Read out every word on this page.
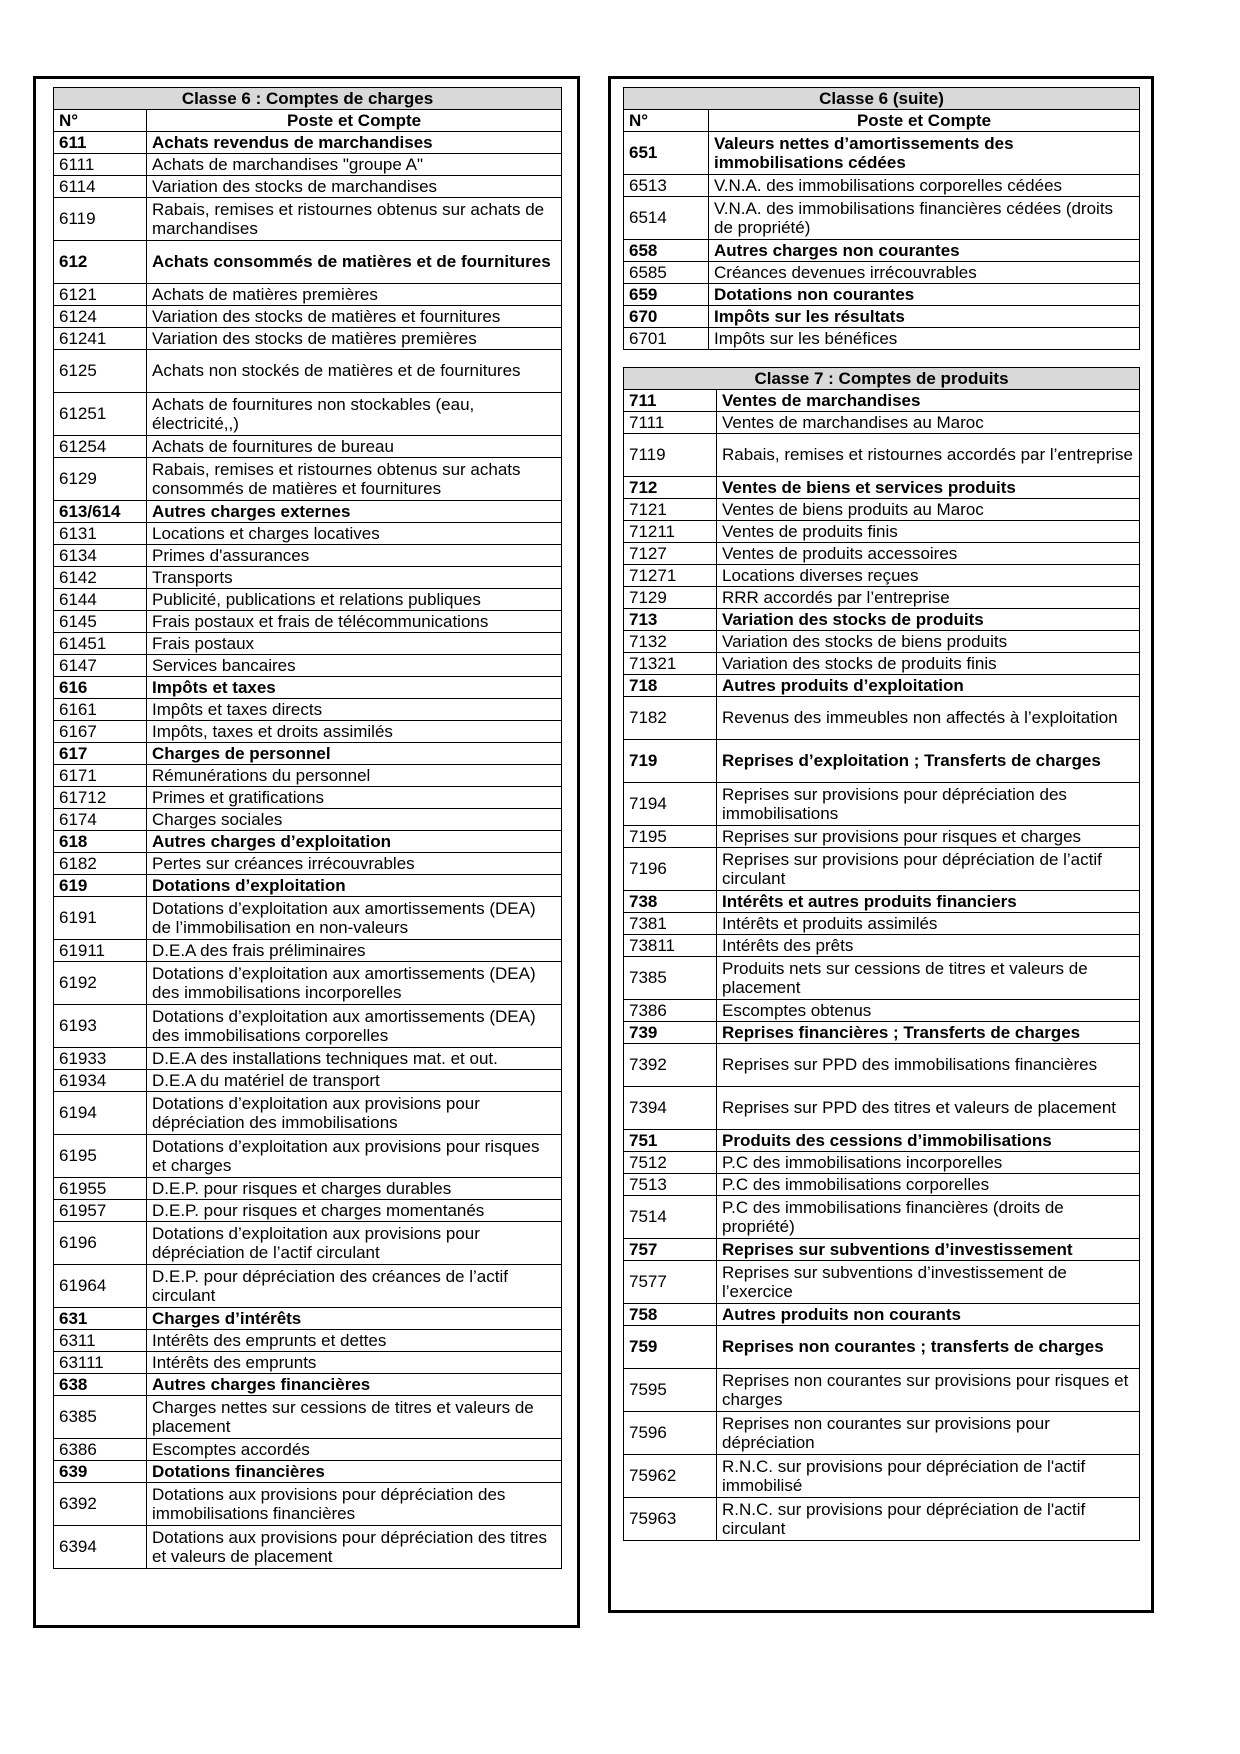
Classe 6 : Comptes de charges	
N°	Poste et Compte
611	Achats revendus de marchandises
6111	Achats de marchandises "groupe A"
6114	Variation des stocks de marchandises
6119	Rabais, remises et ristournes obtenus sur achats de marchandises
612	Achats consommés de matières et de fournitures
6121	Achats de matières premières
6124	Variation des stocks de matières et fournitures
61241	Variation des stocks de matières premières
6125	Achats non stockés de matières et de fournitures
61251	Achats de fournitures non stockables (eau, électricité,,)
61254	Achats de fournitures de bureau
6129	Rabais, remises et ristournes obtenus sur achats consommés de matières et fournitures
613/614	Autres charges externes
6131	Locations et charges locatives
6134	Primes d'assurances
6142	Transports
6144	Publicité, publications et relations publiques
6145	Frais postaux et frais de télécommunications
61451	Frais postaux
6147	Services bancaires
616	Impôts et taxes
6161	Impôts et taxes directs
6167	Impôts, taxes et droits assimilés
617	Charges de personnel
6171	Rémunérations du personnel
61712	Primes et gratifications
6174	Charges sociales
618	Autres charges d’exploitation
6182	Pertes sur créances irrécouvrables
619	Dotations d’exploitation
6191	Dotations d’exploitation aux amortissements (DEA) de l’immobilisation en non-valeurs
61911	D.E.A des frais préliminaires
6192	Dotations d’exploitation aux amortissements (DEA) des immobilisations incorporelles
6193	Dotations d’exploitation aux amortissements (DEA) des immobilisations corporelles
61933	D.E.A des installations techniques mat. et out.
61934	D.E.A du matériel de transport
6194	Dotations d’exploitation aux provisions pour dépréciation des immobilisations
6195	Dotations d’exploitation aux provisions pour risques et charges
61955	D.E.P. pour risques et charges durables
61957	D.E.P. pour risques et charges momentanés
6196	Dotations d’exploitation aux provisions pour dépréciation de l’actif circulant
61964	D.E.P. pour dépréciation des créances de l’actif circulant
631	Charges d’intérêts
6311	Intérêts des emprunts et dettes
63111	Intérêts des emprunts
638	Autres charges financières
6385	Charges nettes sur cessions de titres et valeurs de placement
6386	Escomptes accordés
639	Dotations financières
6392	Dotations aux provisions pour dépréciation des immobilisations financières
6394	Dotations aux provisions pour dépréciation des titres et valeurs de placement
Classe 6 (suite)	
N°	Poste et Compte
651	Valeurs nettes d’amortissements des immobilisations cédées
6513	V.N.A. des immobilisations corporelles cédées
6514	V.N.A. des immobilisations financières cédées (droits de propriété)
658	Autres charges non courantes
6585	Créances devenues irrécouvrables
659	Dotations non courantes
670	Impôts sur les résultats
6701	Impôts sur les bénéfices
Classe 7 : Comptes de produits	
711	Ventes de marchandises
7111	Ventes de marchandises au Maroc
7119	Rabais, remises et ristournes accordés par l’entreprise
712	Ventes de biens et services produits
7121	Ventes de biens produits au Maroc
71211	Ventes de produits finis
7127	Ventes de produits accessoires
71271	Locations diverses reçues
7129	RRR accordés par l’entreprise
713	Variation des stocks de produits
7132	Variation des stocks de biens produits
71321	Variation des stocks de produits finis
718	Autres produits d’exploitation
7182	Revenus des immeubles non affectés à l’exploitation
719	Reprises d’exploitation ; Transferts de charges
7194	Reprises sur provisions pour dépréciation des immobilisations
7195	Reprises sur provisions pour risques et charges
7196	Reprises sur provisions pour dépréciation de l’actif circulant
738	Intérêts et autres produits financiers
7381	Intérêts et produits assimilés
73811	Intérêts des prêts
7385	Produits nets sur cessions de titres et valeurs de placement
7386	Escomptes obtenus
739	Reprises financières ; Transferts de charges
7392	Reprises sur PPD des immobilisations financières
7394	Reprises sur PPD des titres et valeurs de placement
751	Produits des cessions d’immobilisations
7512	P.C des immobilisations incorporelles
7513	P.C des immobilisations corporelles
7514	P.C des immobilisations financières (droits de propriété)
757	Reprises sur subventions d’investissement
7577	Reprises sur subventions d’investissement de l’exercice
758	Autres produits non courants
759	Reprises non courantes ; transferts de charges
7595	Reprises non courantes sur provisions pour risques et charges
7596	Reprises non courantes sur provisions pour dépréciation
75962	R.N.C. sur provisions pour dépréciation de l'actif immobilisé
75963	R.N.C. sur provisions pour dépréciation de l'actif circulant
